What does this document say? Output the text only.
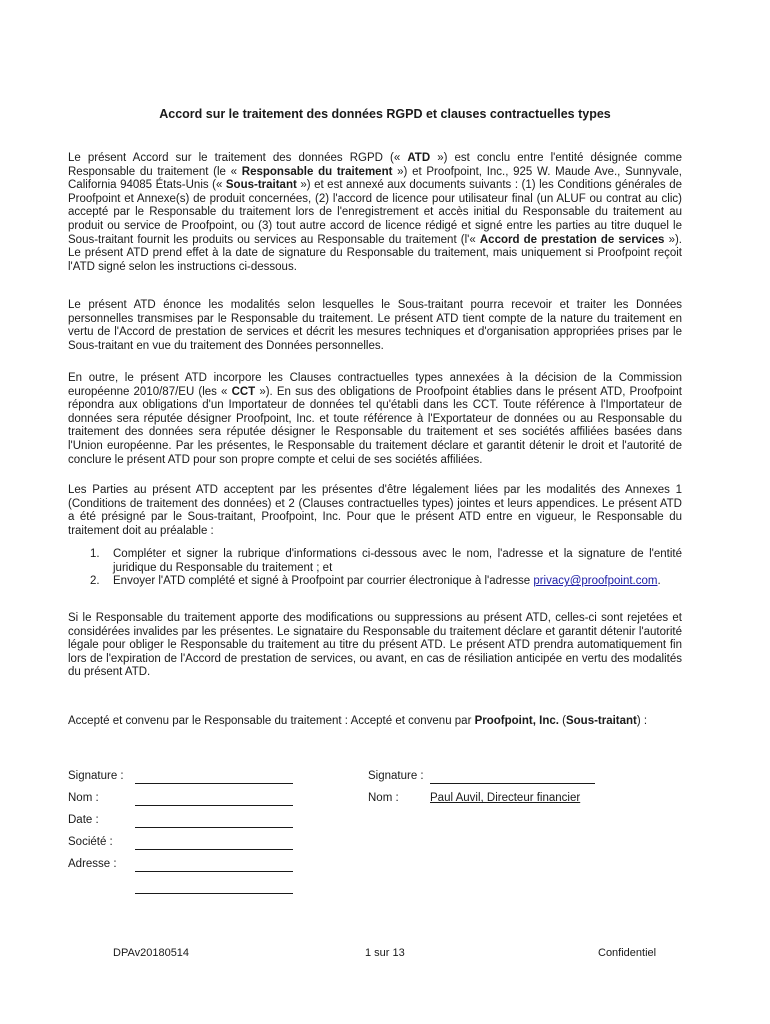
Accord sur le traitement des données RGPD et clauses contractuelles types

Le présent Accord sur le traitement des données RGPD (« ATD ») est conclu entre l'entité désignée comme Responsable du traitement (le « Responsable du traitement ») et Proofpoint, Inc., 925 W. Maude Ave., Sunnyvale, California 94085 États-Unis (« Sous-traitant ») et est annexé aux documents suivants : (1) les Conditions générales de Proofpoint et Annexe(s) de produit concernées, (2) l'accord de licence pour utilisateur final (un ALUF ou contrat au clic) accepté par le Responsable du traitement lors de l'enregistrement et accès initial du Responsable du traitement au produit ou service de Proofpoint, ou (3) tout autre accord de licence rédigé et signé entre les parties au titre duquel le Sous-traitant fournit les produits ou services au Responsable du traitement (l'« Accord de prestation de services »). Le présent ATD prend effet à la date de signature du Responsable du traitement, mais uniquement si Proofpoint reçoit l'ATD signé selon les instructions ci-dessous.

Le présent ATD énonce les modalités selon lesquelles le Sous-traitant pourra recevoir et traiter les Données personnelles transmises par le Responsable du traitement. Le présent ATD tient compte de la nature du traitement en vertu de l'Accord de prestation de services et décrit les mesures techniques et d'organisation appropriées prises par le Sous-traitant en vue du traitement des Données personnelles.

En outre, le présent ATD incorpore les Clauses contractuelles types annexées à la décision de la Commission européenne 2010/87/EU (les « CCT »). En sus des obligations de Proofpoint établies dans le présent ATD, Proofpoint répondra aux obligations d'un Importateur de données tel qu'établi dans les CCT. Toute référence à l'Importateur de données sera réputée désigner Proofpoint, Inc. et toute référence à l'Exportateur de données ou au Responsable du traitement des données sera réputée désigner le Responsable du traitement et ses sociétés affiliées basées dans l'Union européenne. Par les présentes, le Responsable du traitement déclare et garantit détenir le droit et l'autorité de conclure le présent ATD pour son propre compte et celui de ses sociétés affiliées.

Les Parties au présent ATD acceptent par les présentes d'être légalement liées par les modalités des Annexes 1 (Conditions de traitement des données) et 2 (Clauses contractuelles types) jointes et leurs appendices. Le présent ATD a été présigné par le Sous-traitant, Proofpoint, Inc. Pour que le présent ATD entre en vigueur, le Responsable du traitement doit au préalable :

1. Compléter et signer la rubrique d'informations ci-dessous avec le nom, l'adresse et la signature de l'entité juridique du Responsable du traitement ; et
2. Envoyer l'ATD complété et signé à Proofpoint par courrier électronique à l'adresse privacy@proofpoint.com.

Si le Responsable du traitement apporte des modifications ou suppressions au présent ATD, celles-ci sont rejetées et considérées invalides par les présentes. Le signataire du Responsable du traitement déclare et garantit détenir l'autorité légale pour obliger le Responsable du traitement au titre du présent ATD. Le présent ATD prendra automatiquement fin lors de l'expiration de l'Accord de prestation de services, ou avant, en cas de résiliation anticipée en vertu des modalités du présent ATD.

Accepté et convenu par le Responsable du traitement : Accepté et convenu par Proofpoint, Inc. (Sous-traitant) :
Signature :
Nom :
Date :
Société :
Adresse :
Signature :
Nom :	Paul Auvil, Directeur financier
DPAv20180514	1 sur 13	Confidentiel
